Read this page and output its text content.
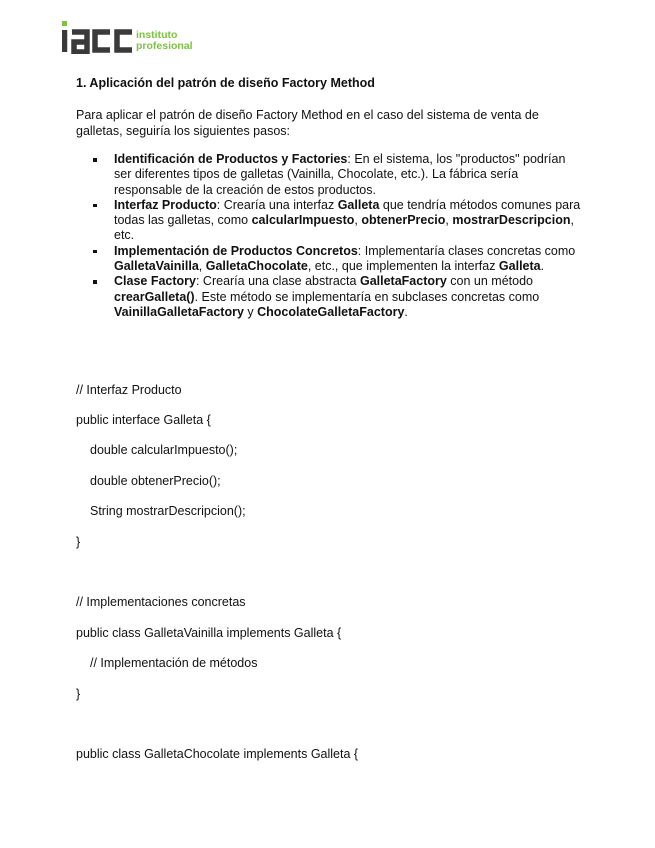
instituto
profesional
1. Aplicación del patrón de diseño Factory Method

Para aplicar el patrón de diseño Factory Method en el caso del sistema de venta de galletas, seguiría los siguientes pasos:

Identificación de Productos y Factories: En el sistema, los "productos" podrían ser diferentes tipos de galletas (Vainilla, Chocolate, etc.). La fábrica sería responsable de la creación de estos productos.
Interfaz Producto: Crearía una interfaz Galleta que tendría métodos comunes para todas las galletas, como calcularImpuesto, obtenerPrecio, mostrarDescripcion, etc.
Implementación de Productos Concretos: Implementaría clases concretas como GalletaVainilla, GalletaChocolate, etc., que implementen la interfaz Galleta.
Clase Factory: Crearía una clase abstracta GalletaFactory con un método crearGalleta(). Este método se implementaría en subclases concretas como VainillaGalletaFactory y ChocolateGalletaFactory.

// Interfaz Producto

public interface Galleta {

double calcularImpuesto();

double obtenerPrecio();

String mostrarDescripcion();

}

// Implementaciones concretas

public class GalletaVainilla implements Galleta {

// Implementación de métodos

}

public class GalletaChocolate implements Galleta {
